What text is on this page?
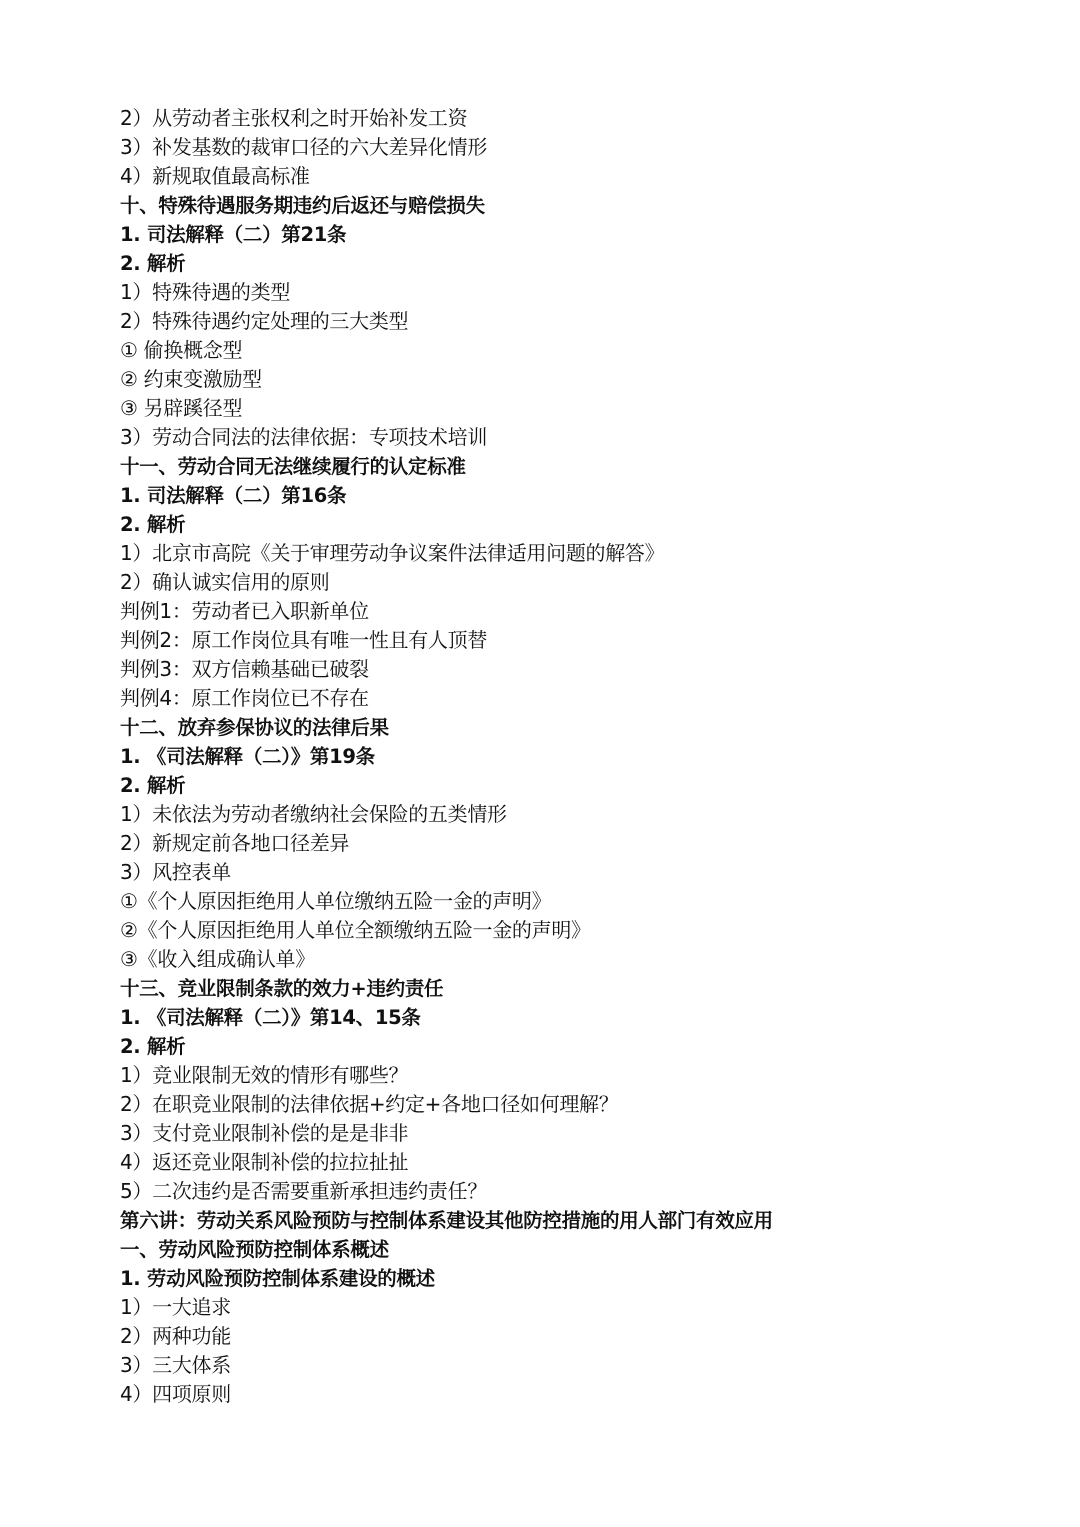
2）从劳动者主张权利之时开始补发工资
3）补发基数的裁审口径的六大差异化情形
4）新规取值最高标准
十、特殊待遇服务期违约后返还与赔偿损失
1. 司法解释（二）第21条
2. 解析
1）特殊待遇的类型
2）特殊待遇约定处理的三大类型
① 偷换概念型
② 约束变激励型
③ 另辟蹊径型
3）劳动合同法的法律依据：专项技术培训
十一、劳动合同无法继续履行的认定标准
1. 司法解释（二）第16条
2. 解析
1）北京市高院《关于审理劳动争议案件法律适用问题的解答》
2）确认诚实信用的原则
判例1：劳动者已入职新单位
判例2：原工作岗位具有唯一性且有人顶替
判例3：双方信赖基础已破裂
判例4：原工作岗位已不存在
十二、放弃参保协议的法律后果
1. 《司法解释（二）》第19条
2. 解析
1）未依法为劳动者缴纳社会保险的五类情形
2）新规定前各地口径差异
3）风控表单
①《个人原因拒绝用人单位缴纳五险一金的声明》
②《个人原因拒绝用人单位全额缴纳五险一金的声明》
③《收入组成确认单》
十三、竞业限制条款的效力+违约责任
1. 《司法解释（二）》第14、15条
2. 解析
1）竞业限制无效的情形有哪些？
2）在职竞业限制的法律依据+约定+各地口径如何理解？
3）支付竞业限制补偿的是是非非
4）返还竞业限制补偿的拉拉扯扯
5）二次违约是否需要重新承担违约责任？
第六讲：劳动关系风险预防与控制体系建设其他防控措施的用人部门有效应用
一、劳动风险预防控制体系概述
1. 劳动风险预防控制体系建设的概述
1）一大追求
2）两种功能
3）三大体系
4）四项原则
